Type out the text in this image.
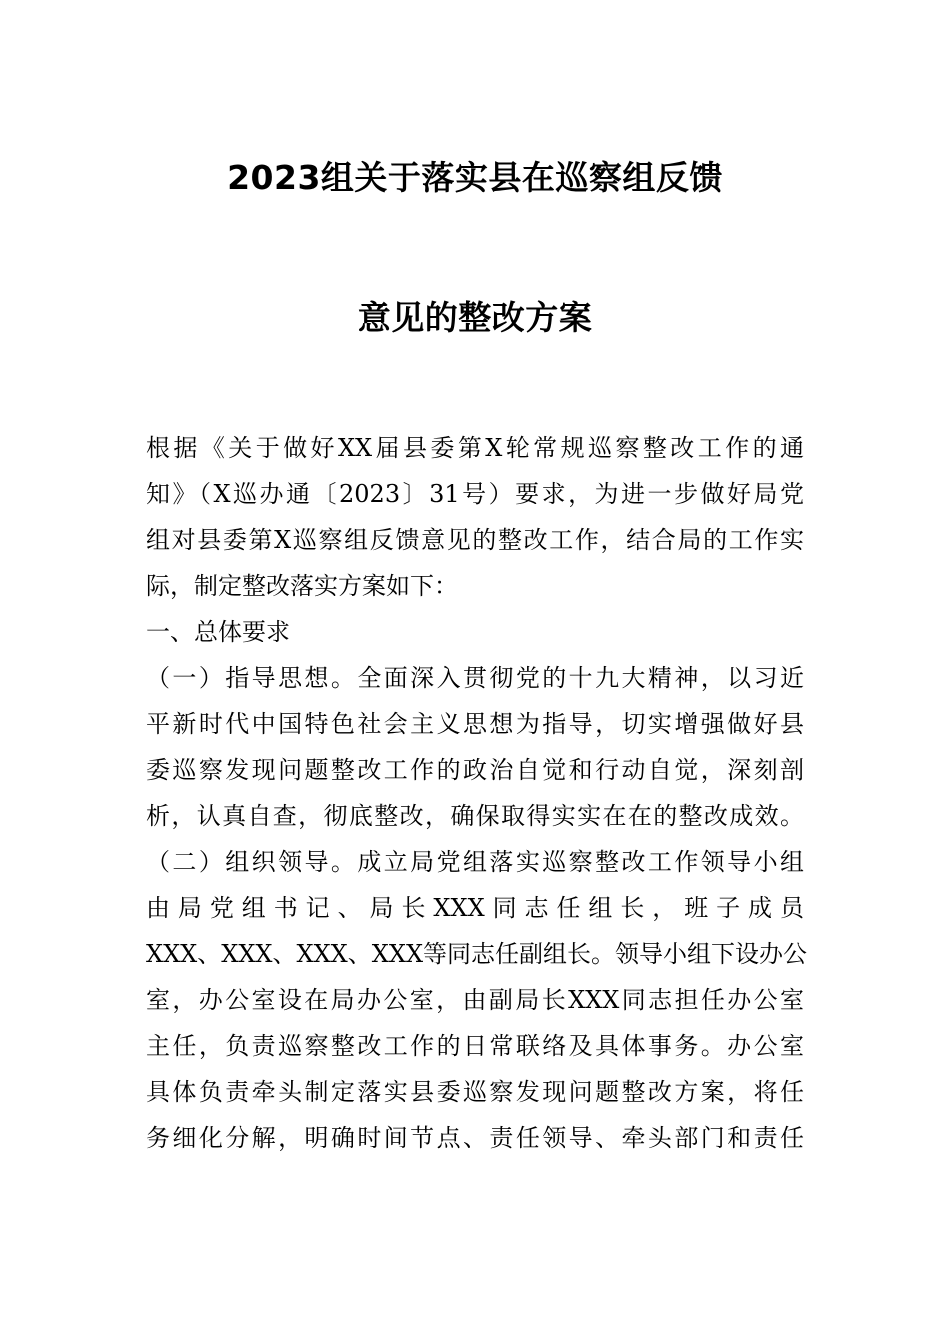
2023组关于落实县在巡察组反馈
意见的整改方案
根据《关于做好XX届县委第X轮常规巡察整改工作的通
知》（X巡办通〔2023〕31号）要求，为进一步做好局党
组对县委第X巡察组反馈意见的整改工作，结合局的工作实
际，制定整改落实方案如下：
一、总体要求
（一）指导思想。全面深入贯彻党的十九大精神，以习近
平新时代中国特色社会主义思想为指导，切实增强做好县
委巡察发现问题整改工作的政治自觉和行动自觉，深刻剖
析，认真自查，彻底整改，确保取得实实在在的整改成效。
（二）组织领导。成立局党组落实巡察整改工作领导小组
由局党组书记、局长XXX同志任组长，班子成员
XXX、XXX、XXX、XXX等同志任副组长。领导小组下设办公
室，办公室设在局办公室，由副局长XXX同志担任办公室
主任，负责巡察整改工作的日常联络及具体事务。办公室
具体负责牵头制定落实县委巡察发现问题整改方案，将任
务细化分解，明确时间节点、责任领导、牵头部门和责任
